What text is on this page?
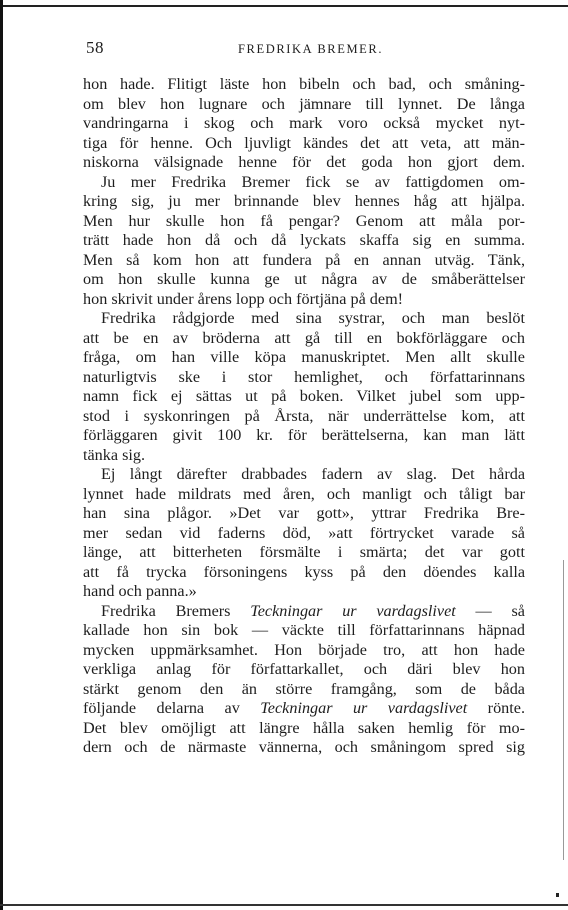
58	FREDRIKA BREMER.
hon hade. Flitigt läste hon bibeln och bad, och småning-
om blev hon lugnare och jämnare till lynnet. De långa
vandringarna i skog och mark voro också mycket nyt-
tiga för henne. Och ljuvligt kändes det att veta, att män-
niskorna välsignade henne för det goda hon gjort dem.
Ju mer Fredrika Bremer fick se av fattigdomen om-
kring sig, ju mer brinnande blev hennes håg att hjälpa.
Men hur skulle hon få pengar? Genom att måla por-
trätt hade hon då och då lyckats skaffa sig en summa.
Men så kom hon att fundera på en annan utväg. Tänk,
om hon skulle kunna ge ut några av de småberättelser
hon skrivit under årens lopp och förtjäna på dem!
Fredrika rådgjorde med sina systrar, och man beslöt
att be en av bröderna att gå till en bokförläggare och
fråga, om han ville köpa manuskriptet. Men allt skulle
naturligtvis ske i stor hemlighet, och författarinnans
namn fick ej sättas ut på boken. Vilket jubel som upp-
stod i syskonringen på Årsta, när underrättelse kom, att
förläggaren givit 100 kr. för berättelserna, kan man lätt
tänka sig.
Ej långt därefter drabbades fadern av slag. Det hårda
lynnet hade mildrats med åren, och manligt och tåligt bar
han sina plågor. »Det var gott», yttrar Fredrika Bre-
mer sedan vid faderns död, »att förtrycket varade så
länge, att bitterheten försmälte i smärta; det var gott
att få trycka försoningens kyss på den döendes kalla
hand och panna.»
Fredrika Bremers Teckningar ur vardagslivet — så
kallade hon sin bok — väckte till författarinnans häpnad
mycken uppmärksamhet. Hon började tro, att hon hade
verkliga anlag för författarkallet, och däri blev hon
stärkt genom den än större framgång, som de båda
följande delarna av Teckningar ur vardagslivet rönte.
Det blev omöjligt att längre hålla saken hemlig för mo-
dern och de närmaste vännerna, och småningom spred sig
